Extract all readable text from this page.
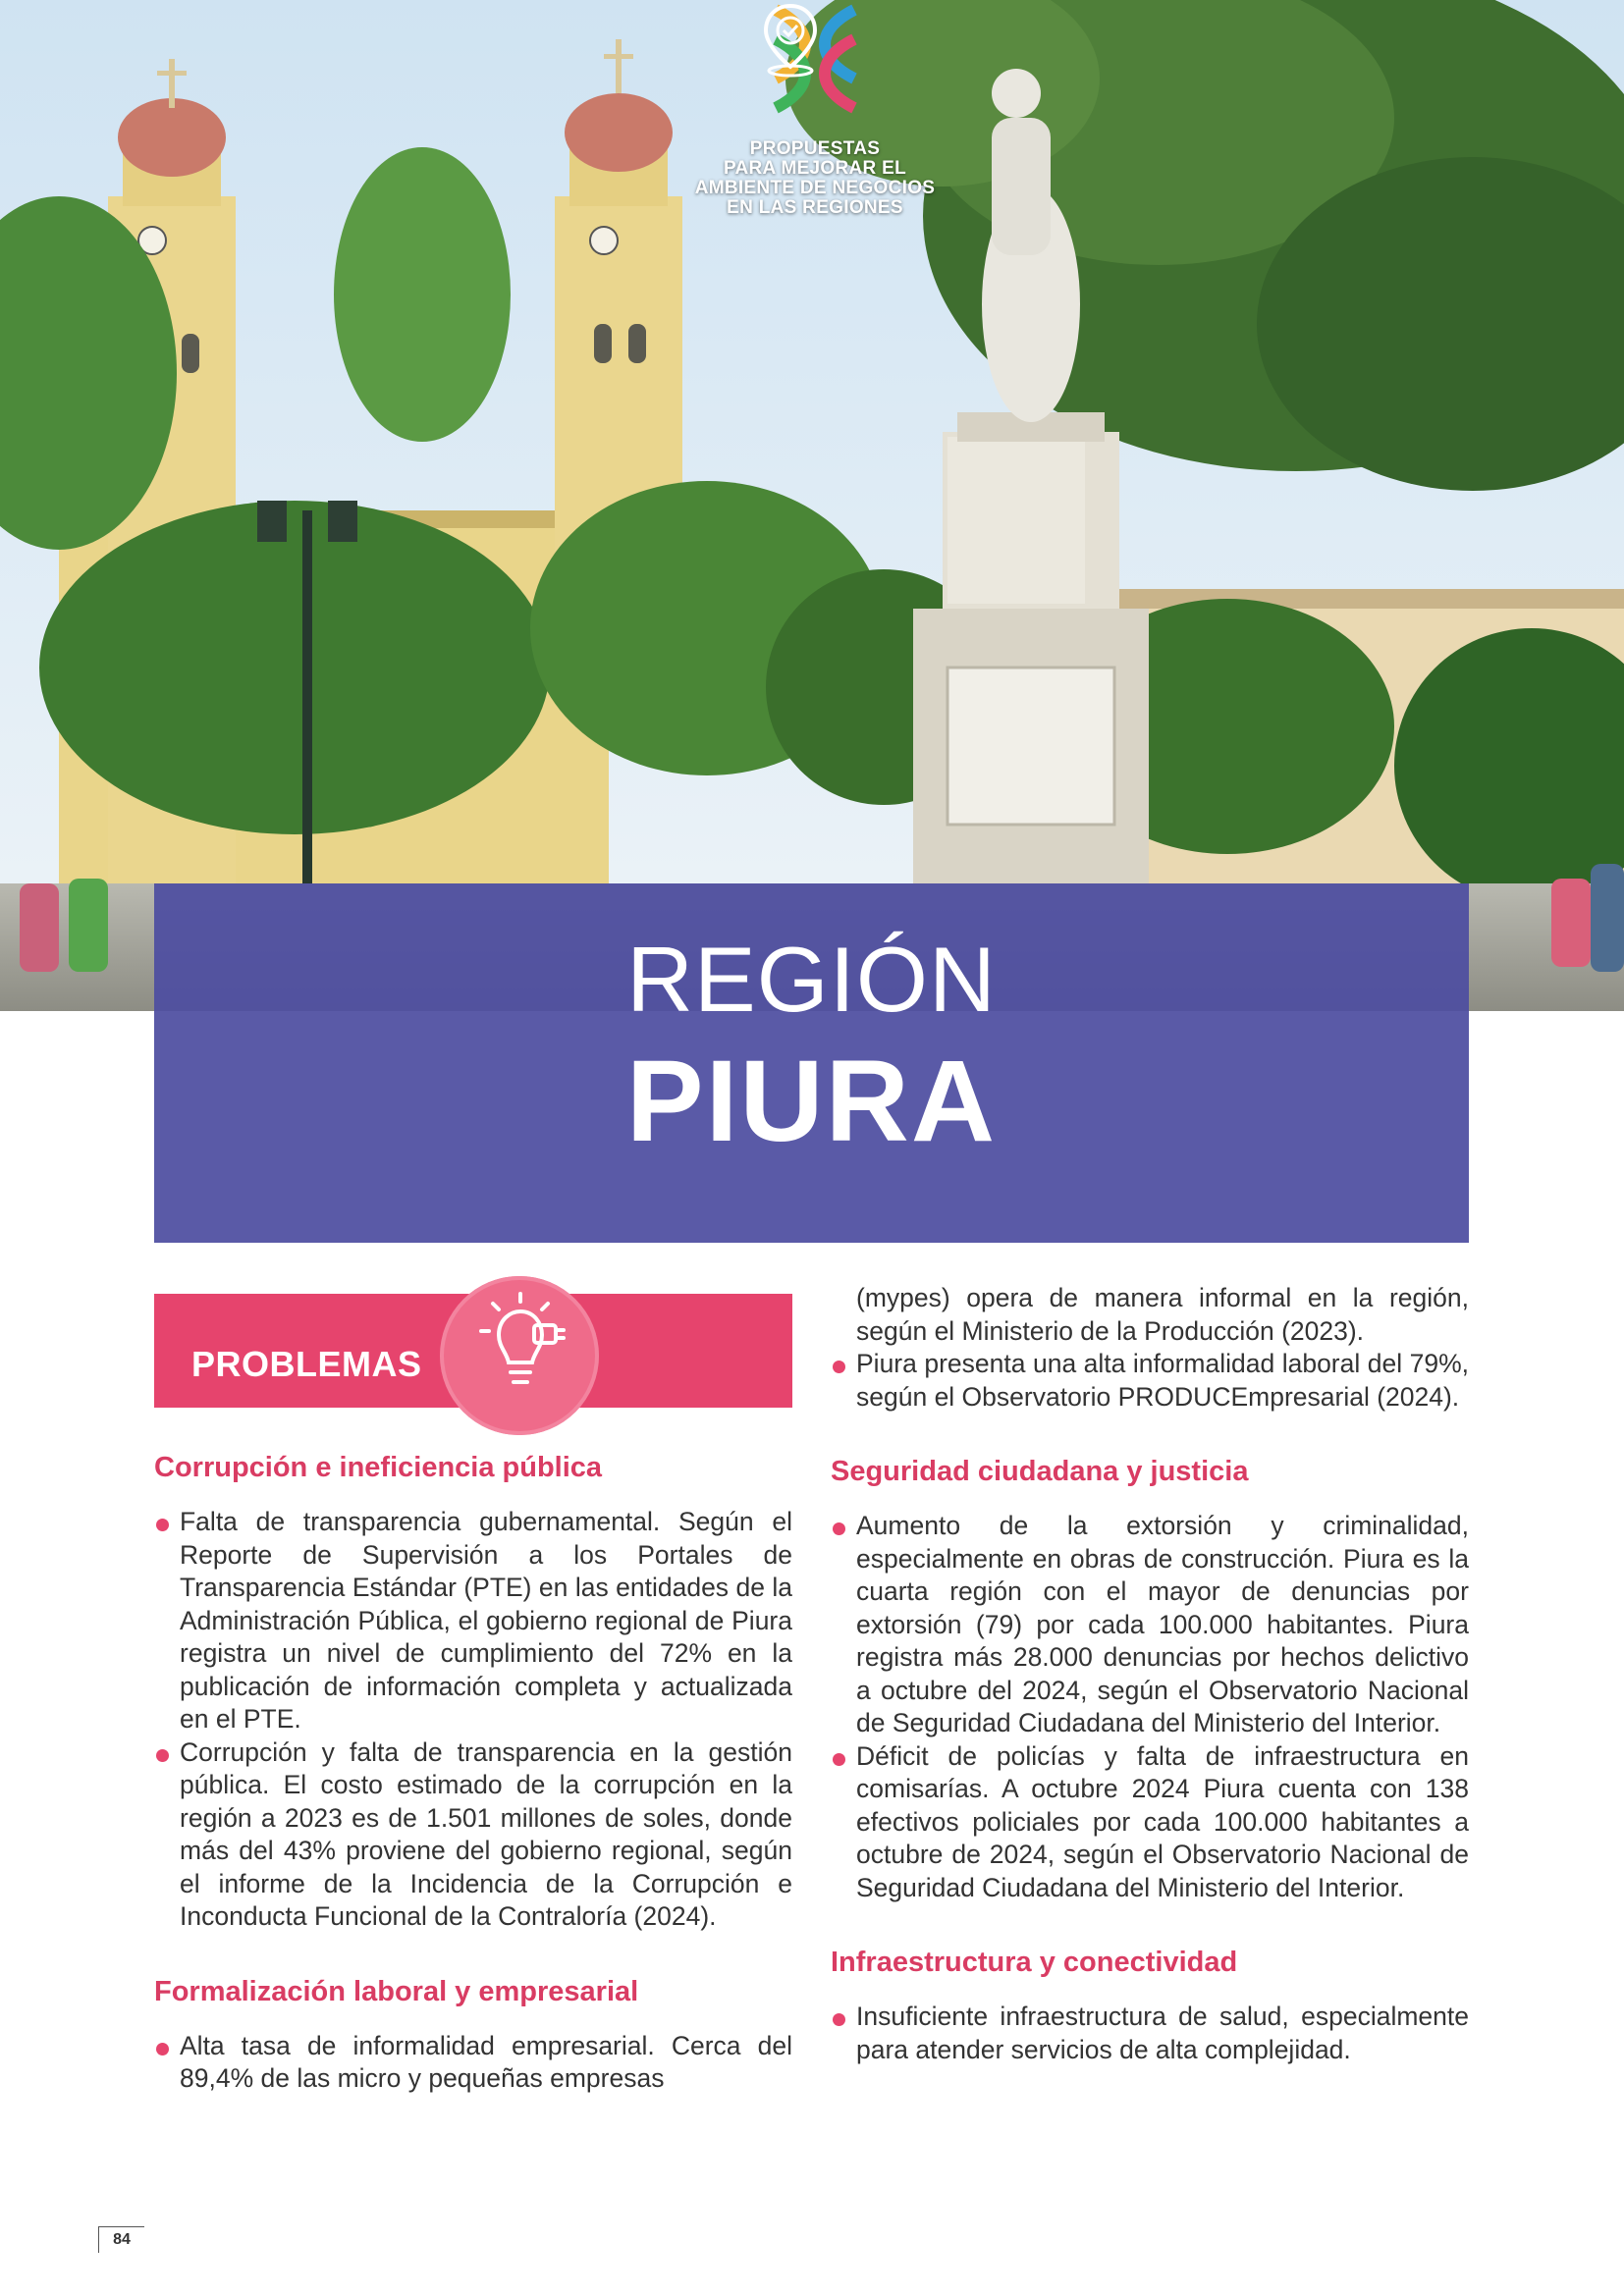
PROPUESTAS
PARA MEJORAR EL
AMBIENTE DE NEGOCIOS
EN LAS REGIONES
REGIÓN
PIURA
PROBLEMAS
Corrupción e ineficiencia pública

Falta de transparencia gubernamental. Según el Reporte de Supervisión a los Portales de Transparencia Estándar (PTE) en las entidades de la Administración Pública, el gobierno regional de Piura registra un nivel de cumplimiento del 72% en la publicación de información completa y actualizada en el PTE.

Corrupción y falta de transparencia en la gestión pública. El costo estimado de la corrupción en la región a 2023 es de 1.501 millones de soles, donde más del 43% proviene del gobierno regional, según el informe de la Incidencia de la Corrupción e Inconducta Funcional de la Contraloría (2024).

Formalización laboral y empresarial

Alta tasa de informalidad empresarial. Cerca del 89,4% de las micro y pequeñas empresas

(mypes) opera de manera informal en la región, según el Ministerio de la Producción (2023).

Piura presenta una alta informalidad laboral del 79%, según el Observatorio PRODUCEmpresarial (2024).

Seguridad ciudadana y justicia

Aumento de la extorsión y criminalidad, especialmente en obras de construcción. Piura es la cuarta región con el mayor de denuncias por extorsión (79) por cada 100.000 habitantes. Piura registra más 28.000 denuncias por hechos delictivo a octubre del 2024, según el Observatorio Nacional de Seguridad Ciudadana del Ministerio del Interior.

Déficit de policías y falta de infraestructura en comisarías. A octubre 2024 Piura cuenta con 138 efectivos policiales por cada 100.000 habitantes a octubre de 2024, según el Observatorio Nacional de Seguridad Ciudadana del Ministerio del Interior.

Infraestructura y conectividad

Insuficiente infraestructura de salud, especialmente para atender servicios de alta complejidad.

84
